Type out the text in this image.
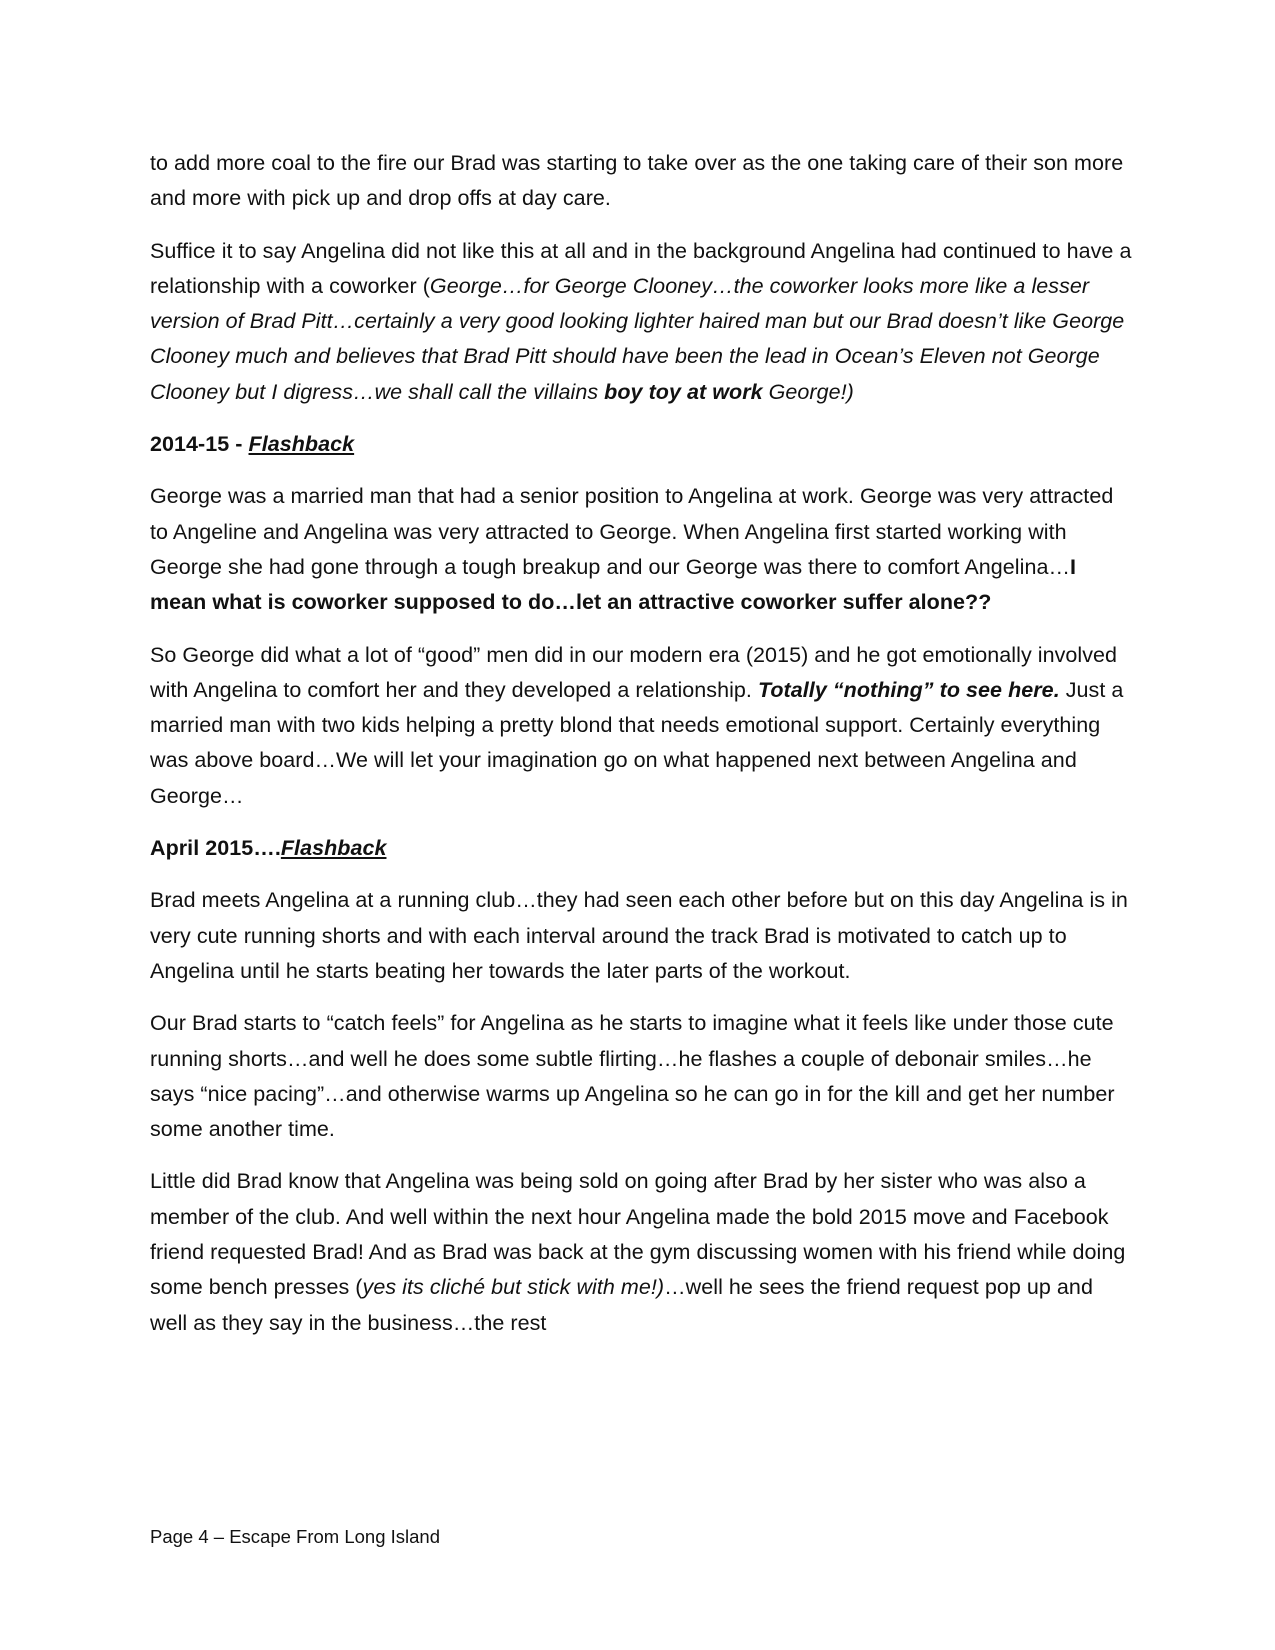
to add more coal to the fire our Brad was starting to take over as the one taking care of their son more and more with pick up and drop offs at day care.

Suffice it to say Angelina did not like this at all and in the background Angelina had continued to have a relationship with a coworker (George…for George Clooney…the coworker looks more like a lesser version of Brad Pitt…certainly a very good looking lighter haired man but our Brad doesn’t like George Clooney much and believes that Brad Pitt should have been the lead in Ocean’s Eleven not George Clooney but I digress…we shall call the villains boy toy at work George!)

2014-15 - Flashback

George was a married man that had a senior position to Angelina at work. George was very attracted to Angeline and Angelina was very attracted to George. When Angelina first started working with George she had gone through a tough breakup and our George was there to comfort Angelina…I mean what is coworker supposed to do…let an attractive coworker suffer alone??

So George did what a lot of “good” men did in our modern era (2015) and he got emotionally involved with Angelina to comfort her and they developed a relationship. Totally “nothing” to see here. Just a married man with two kids helping a pretty blond that needs emotional support. Certainly everything was above board…We will let your imagination go on what happened next between Angelina and George…

April 2015….Flashback

Brad meets Angelina at a running club…they had seen each other before but on this day Angelina is in very cute running shorts and with each interval around the track Brad is motivated to catch up to Angelina until he starts beating her towards the later parts of the workout.

Our Brad starts to “catch feels” for Angelina as he starts to imagine what it feels like under those cute running shorts…and well he does some subtle flirting…he flashes a couple of debonair smiles…he says “nice pacing”…and otherwise warms up Angelina so he can go in for the kill and get her number some another time.

Little did Brad know that Angelina was being sold on going after Brad by her sister who was also a member of the club. And well within the next hour Angelina made the bold 2015 move and Facebook friend requested Brad! And as Brad was back at the gym discussing women with his friend while doing some bench presses (yes its cliché but stick with me!)…well he sees the friend request pop up and well as they say in the business…the rest

Page 4 – Escape From Long Island
